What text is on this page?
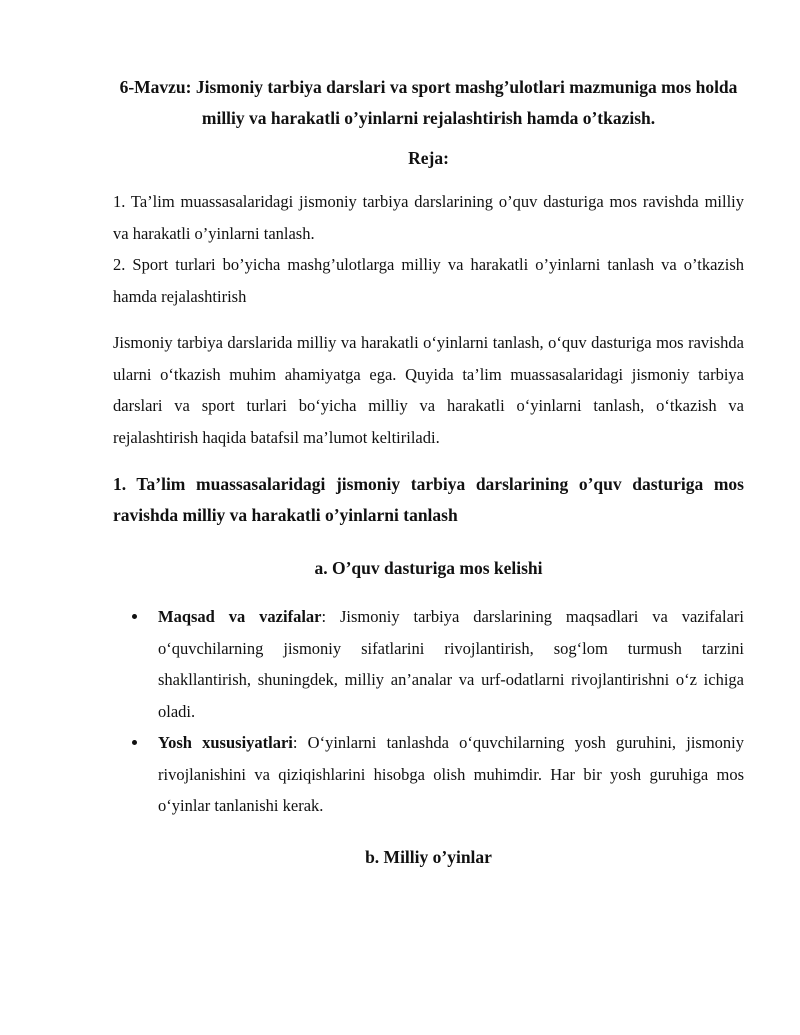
6-Mavzu: Jismoniy tarbiya darslari va sport mashg’ulotlari mazmuniga mos holda milliy va harakatli o’yinlarni rejalashtirish hamda o’tkazish.
Reja:

1. Ta’lim muassasalaridagi jismoniy tarbiya darslarining o’quv dasturiga mos ravishda milliy va harakatli o’yinlarni tanlash.

2. Sport turlari bo’yicha mashg’ulotlarga milliy va harakatli o’yinlarni tanlash va o’tkazish hamda rejalashtirish

Jismoniy tarbiya darslarida milliy va harakatli o‘yinlarni tanlash, o‘quv dasturiga mos ravishda ularni o‘tkazish muhim ahamiyatga ega. Quyida ta’lim muassasalaridagi jismoniy tarbiya darslari va sport turlari bo‘yicha milliy va harakatli o‘yinlarni tanlash, o‘tkazish va rejalashtirish haqida batafsil ma’lumot keltiriladi.

1. Ta’lim muassasalaridagi jismoniy tarbiya darslarining o’quv dasturiga mos ravishda milliy va harakatli o’yinlarni tanlash
a. O’quv dasturiga mos kelishi
Maqsad va vazifalar: Jismoniy tarbiya darslarining maqsadlari va vazifalari o‘quvchilarning jismoniy sifatlarini rivojlantirish, sog‘lom turmush tarzini shakllantirish, shuningdek, milliy an’analar va urf-odatlarni rivojlantirishni o‘z ichiga oladi.
Yosh xususiyatlari: O‘yinlarni tanlashda o‘quvchilarning yosh guruhini, jismoniy rivojlanishini va qiziqishlarini hisobga olish muhimdir. Har bir yosh guruhiga mos o‘yinlar tanlanishi kerak.
b. Milliy o’yinlar
